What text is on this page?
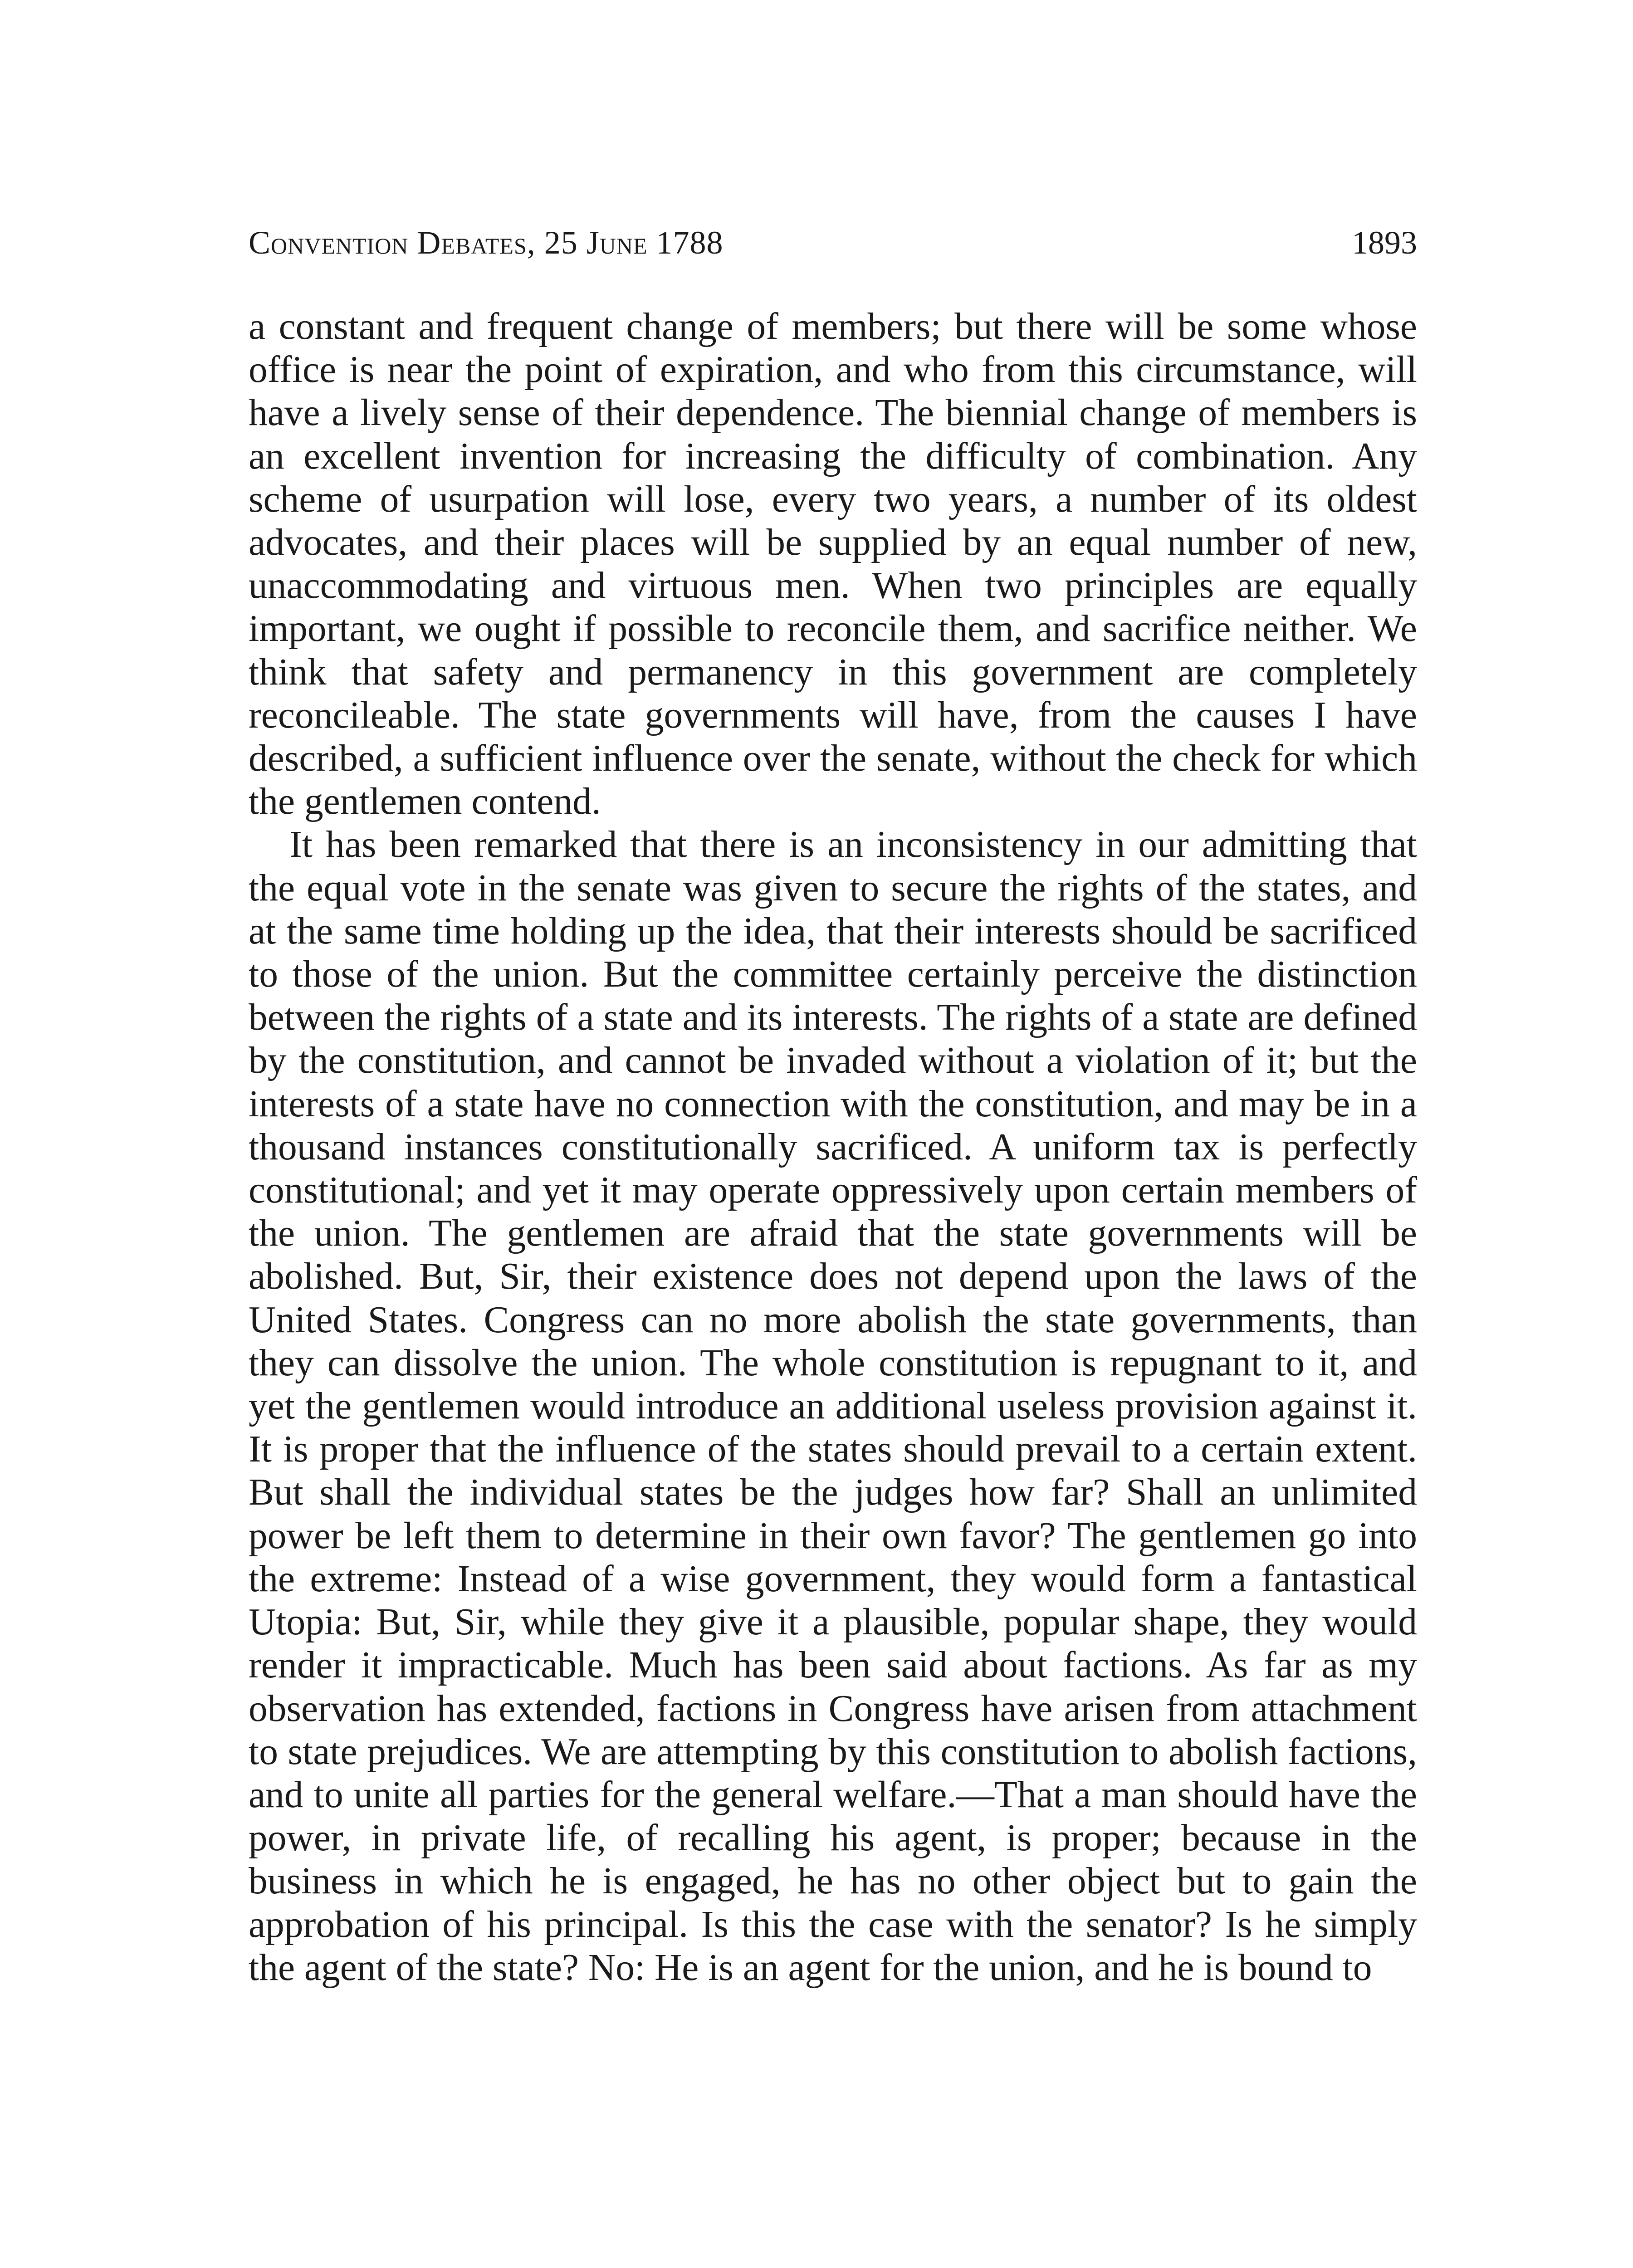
Convention Debates, 25 June 1788	1893

a constant and frequent change of members; but there will be some whose office is near the point of expiration, and who from this circumstance, will have a lively sense of their dependence. The biennial change of members is an excellent invention for increasing the difficulty of combination. Any scheme of usurpation will lose, every two years, a number of its oldest advocates, and their places will be supplied by an equal number of new, unaccommodating and virtuous men. When two principles are equally important, we ought if possible to reconcile them, and sacrifice neither. We think that safety and permanency in this government are completely reconcileable. The state governments will have, from the causes I have described, a sufficient influence over the senate, without the check for which the gentlemen contend.

It has been remarked that there is an inconsistency in our admitting that the equal vote in the senate was given to secure the rights of the states, and at the same time holding up the idea, that their interests should be sacrificed to those of the union. But the committee certainly perceive the distinction between the rights of a state and its interests. The rights of a state are defined by the constitution, and cannot be invaded without a violation of it; but the interests of a state have no connection with the constitution, and may be in a thousand instances constitutionally sacrificed. A uniform tax is perfectly constitutional; and yet it may operate oppressively upon certain members of the union. The gentlemen are afraid that the state governments will be abolished. But, Sir, their existence does not depend upon the laws of the United States. Congress can no more abolish the state governments, than they can dissolve the union. The whole constitution is repugnant to it, and yet the gentlemen would introduce an additional useless provision against it. It is proper that the influence of the states should prevail to a certain extent. But shall the individual states be the judges how far? Shall an unlimited power be left them to determine in their own favor? The gentlemen go into the extreme: Instead of a wise government, they would form a fantastical Utopia: But, Sir, while they give it a plausible, popular shape, they would render it impracticable. Much has been said about factions. As far as my observation has extended, factions in Congress have arisen from attachment to state prejudices. We are attempting by this constitution to abolish factions, and to unite all parties for the general welfare.—That a man should have the power, in private life, of recalling his agent, is proper; because in the business in which he is engaged, he has no other object but to gain the approbation of his principal. Is this the case with the senator? Is he simply the agent of the state? No: He is an agent for the union, and he is bound to
